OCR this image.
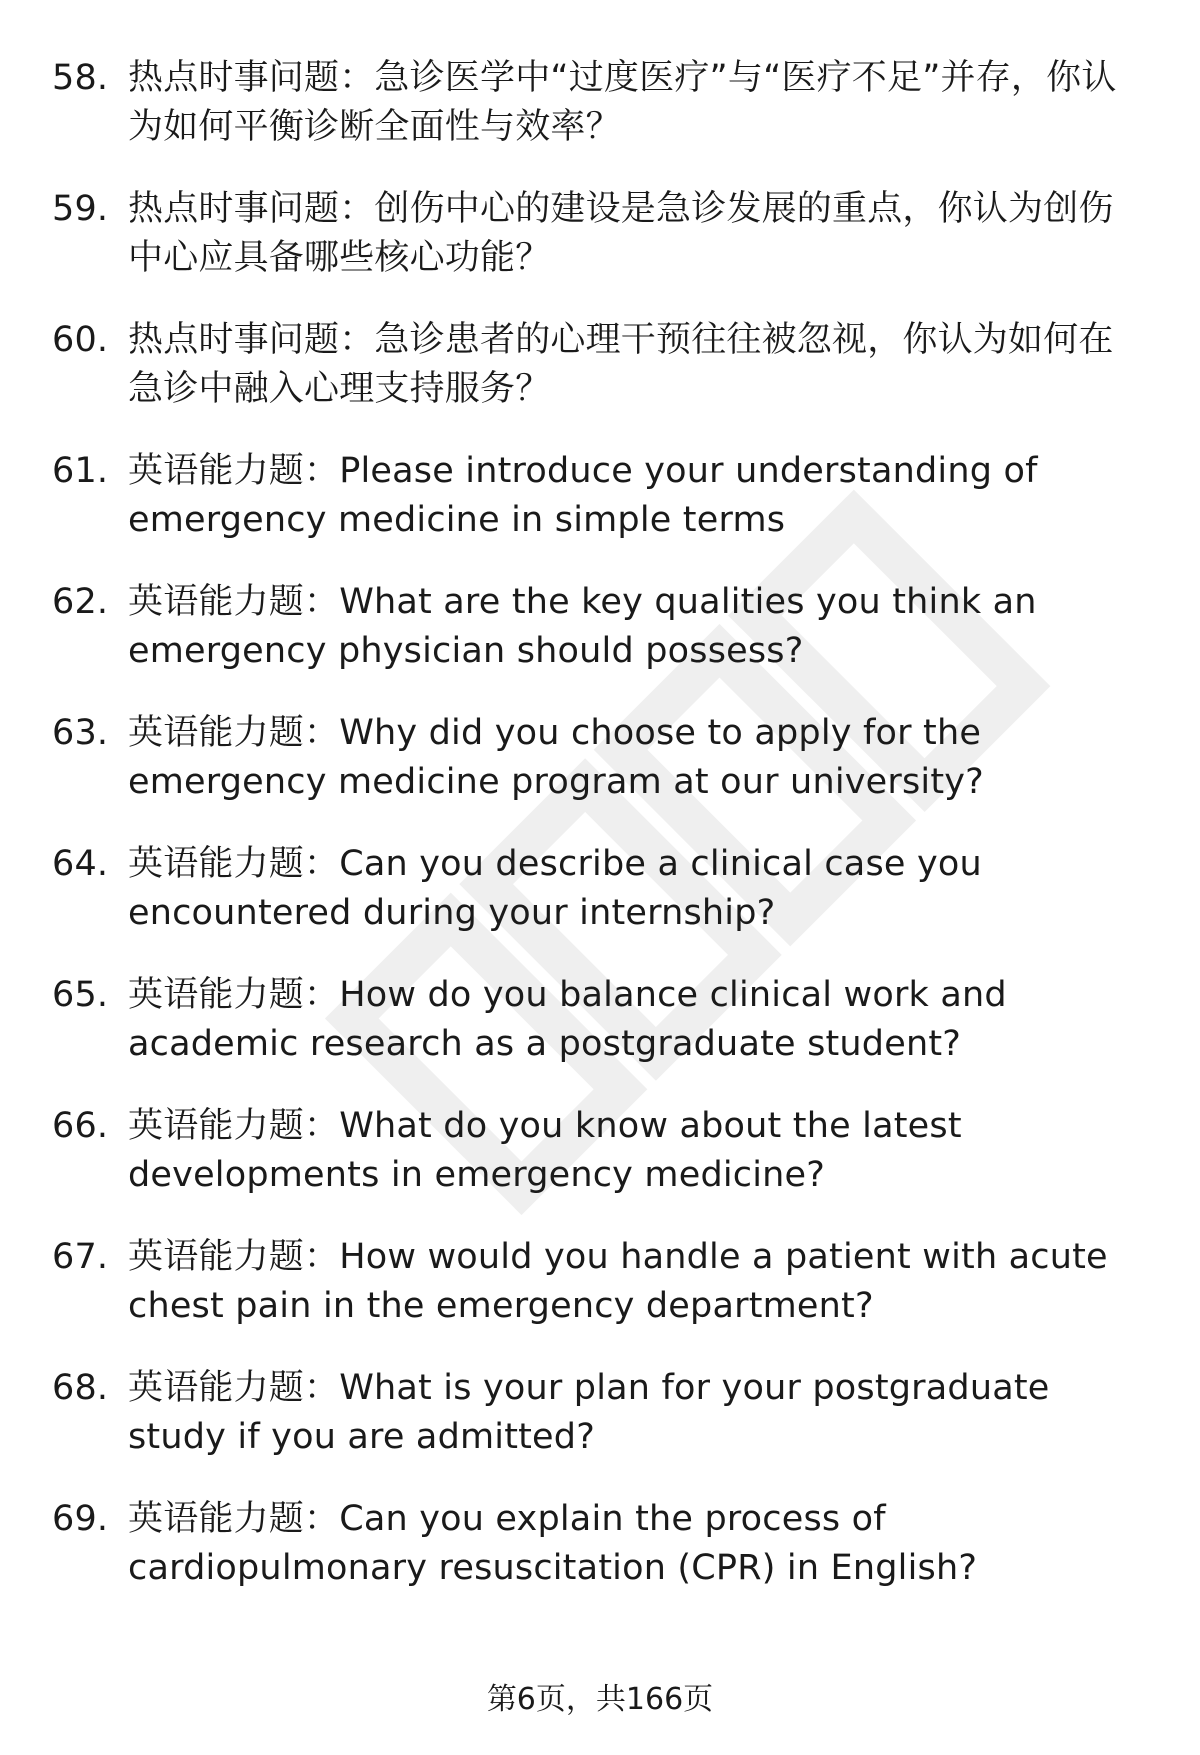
58. 热点时事问题：急诊医学中“过度医疗”与“医疗不足”并存，你认为如何平衡诊断全面性与效率？
59. 热点时事问题：创伤中心的建设是急诊发展的重点，你认为创伤中心应具备哪些核心功能？
60. 热点时事问题：急诊患者的心理干预往往被忽视，你认为如何在急诊中融入心理支持服务？
61. 英语能力题：Please introduce your understanding of emergency medicine in simple terms
62. 英语能力题：What are the key qualities you think an emergency physician should possess?
63. 英语能力题：Why did you choose to apply for the emergency medicine program at our university?
64. 英语能力题：Can you describe a clinical case you encountered during your internship?
65. 英语能力题：How do you balance clinical work and academic research as a postgraduate student?
66. 英语能力题：What do you know about the latest developments in emergency medicine?
67. 英语能力题：How would you handle a patient with acute chest pain in the emergency department?
68. 英语能力题：What is your plan for your postgraduate study if you are admitted?
69. 英语能力题：Can you explain the process of cardiopulmonary resuscitation (CPR) in English?
第6页，共166页
